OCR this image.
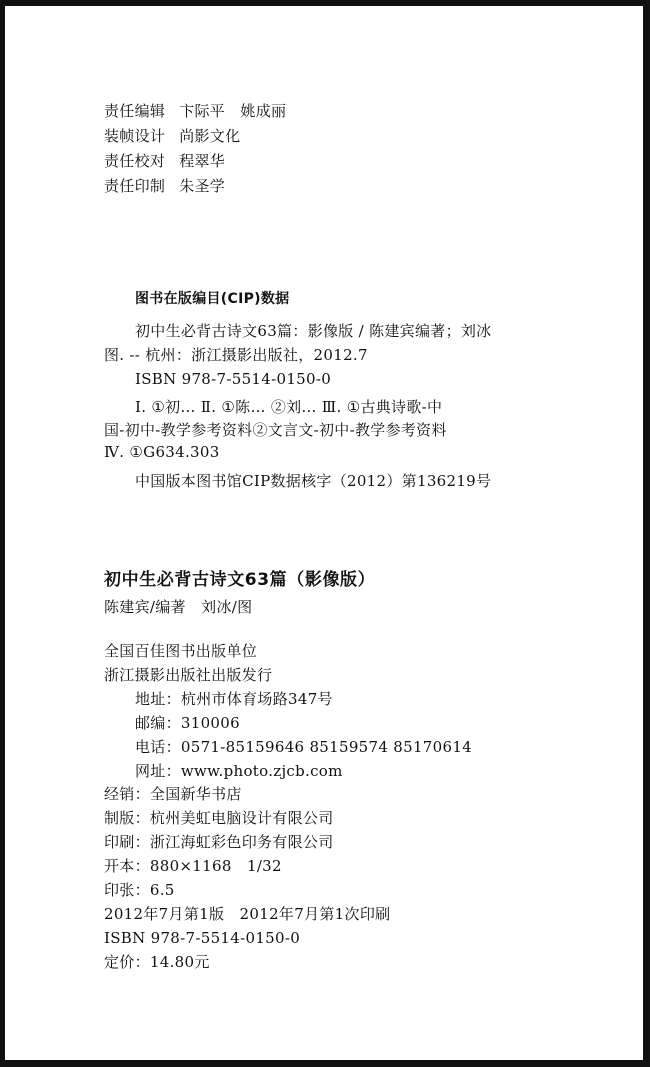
责任编辑 卞际平　姚成丽
装帧设计 尚影文化
责任校对 程翠华
责任印制 朱圣学
图书在版编目(CIP)数据
初中生必背古诗文63篇：影像版 / 陈建宾编著；刘冰
图. -- 杭州：浙江摄影出版社，2012.7
ISBN 978-7-5514-0150-0
Ⅰ. ①初… Ⅱ. ①陈… ②刘… Ⅲ. ①古典诗歌-中
国-初中-教学参考资料②文言文-初中-教学参考资料
Ⅳ. ①G634.303
中国版本图书馆CIP数据核字（2012）第136219号
初中生必背古诗文63篇（影像版）
陈建宾/编著　刘冰/图
全国百佳图书出版单位
浙江摄影出版社出版发行
地址：杭州市体育场路347号
邮编：310006
电话：0571-85159646 85159574 85170614
网址：www.photo.zjcb.com
经销：全国新华书店
制版：杭州美虹电脑设计有限公司
印刷：浙江海虹彩色印务有限公司
开本：880×1168　1/32
印张：6.5
2012年7月第1版　2012年7月第1次印刷
ISBN 978-7-5514-0150-0
定价：14.80元
